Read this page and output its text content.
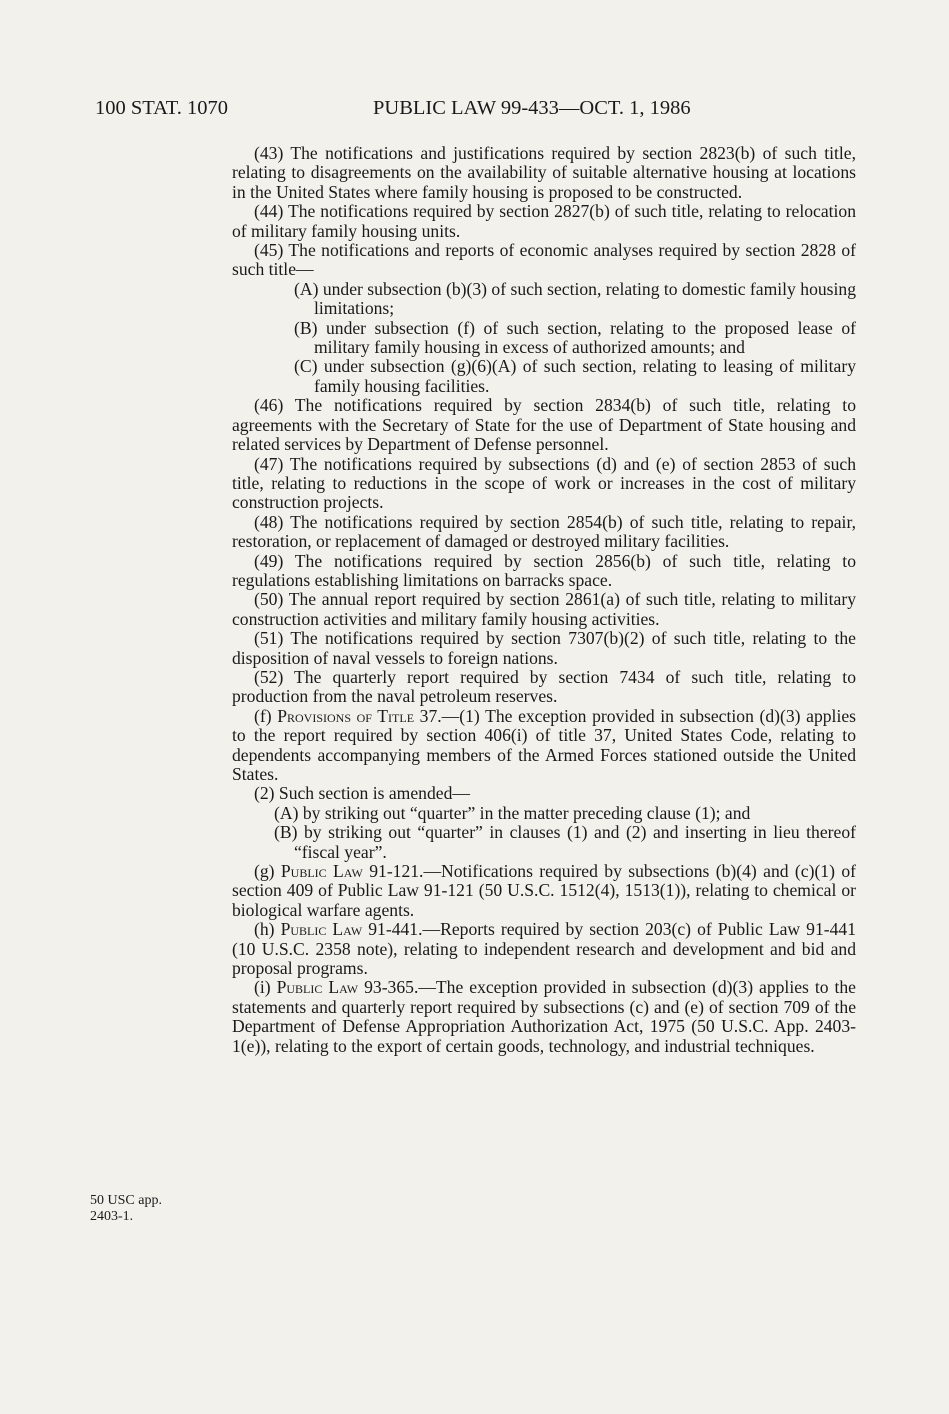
100 STAT. 1070	PUBLIC LAW 99-433—OCT. 1, 1986

(43) The notifications and justifications required by section 2823(b) of such title, relating to disagreements on the availability of suitable alternative housing at locations in the United States where family housing is proposed to be constructed.

(44) The notifications required by section 2827(b) of such title, relating to relocation of military family housing units.

(45) The notifications and reports of economic analyses required by section 2828 of such title—

(A) under subsection (b)(3) of such section, relating to domestic family housing limitations;

(B) under subsection (f) of such section, relating to the proposed lease of military family housing in excess of authorized amounts; and

(C) under subsection (g)(6)(A) of such section, relating to leasing of military family housing facilities.

(46) The notifications required by section 2834(b) of such title, relating to agreements with the Secretary of State for the use of Department of State housing and related services by Department of Defense personnel.

(47) The notifications required by subsections (d) and (e) of section 2853 of such title, relating to reductions in the scope of work or increases in the cost of military construction projects.

(48) The notifications required by section 2854(b) of such title, relating to repair, restoration, or replacement of damaged or destroyed military facilities.

(49) The notifications required by section 2856(b) of such title, relating to regulations establishing limitations on barracks space.

(50) The annual report required by section 2861(a) of such title, relating to military construction activities and military family housing activities.

(51) The notifications required by section 7307(b)(2) of such title, relating to the disposition of naval vessels to foreign nations.

(52) The quarterly report required by section 7434 of such title, relating to production from the naval petroleum reserves.

(f) Provisions of Title 37.—(1) The exception provided in subsection (d)(3) applies to the report required by section 406(i) of title 37, United States Code, relating to dependents accompanying members of the Armed Forces stationed outside the United States.

(2) Such section is amended—

(A) by striking out “quarter” in the matter preceding clause (1); and

(B) by striking out “quarter” in clauses (1) and (2) and inserting in lieu thereof “fiscal year”.

(g) Public Law 91-121.—Notifications required by subsections (b)(4) and (c)(1) of section 409 of Public Law 91-121 (50 U.S.C. 1512(4), 1513(1)), relating to chemical or biological warfare agents.

(h) Public Law 91-441.—Reports required by section 203(c) of Public Law 91-441 (10 U.S.C. 2358 note), relating to independent research and development and bid and proposal programs.

(i) Public Law 93-365.—The exception provided in subsection (d)(3) applies to the statements and quarterly report required by subsections (c) and (e) of section 709 of the Department of Defense Appropriation Authorization Act, 1975 (50 U.S.C. App. 2403-1(e)), relating to the export of certain goods, technology, and industrial techniques.

50 USC app.
2403-1.
